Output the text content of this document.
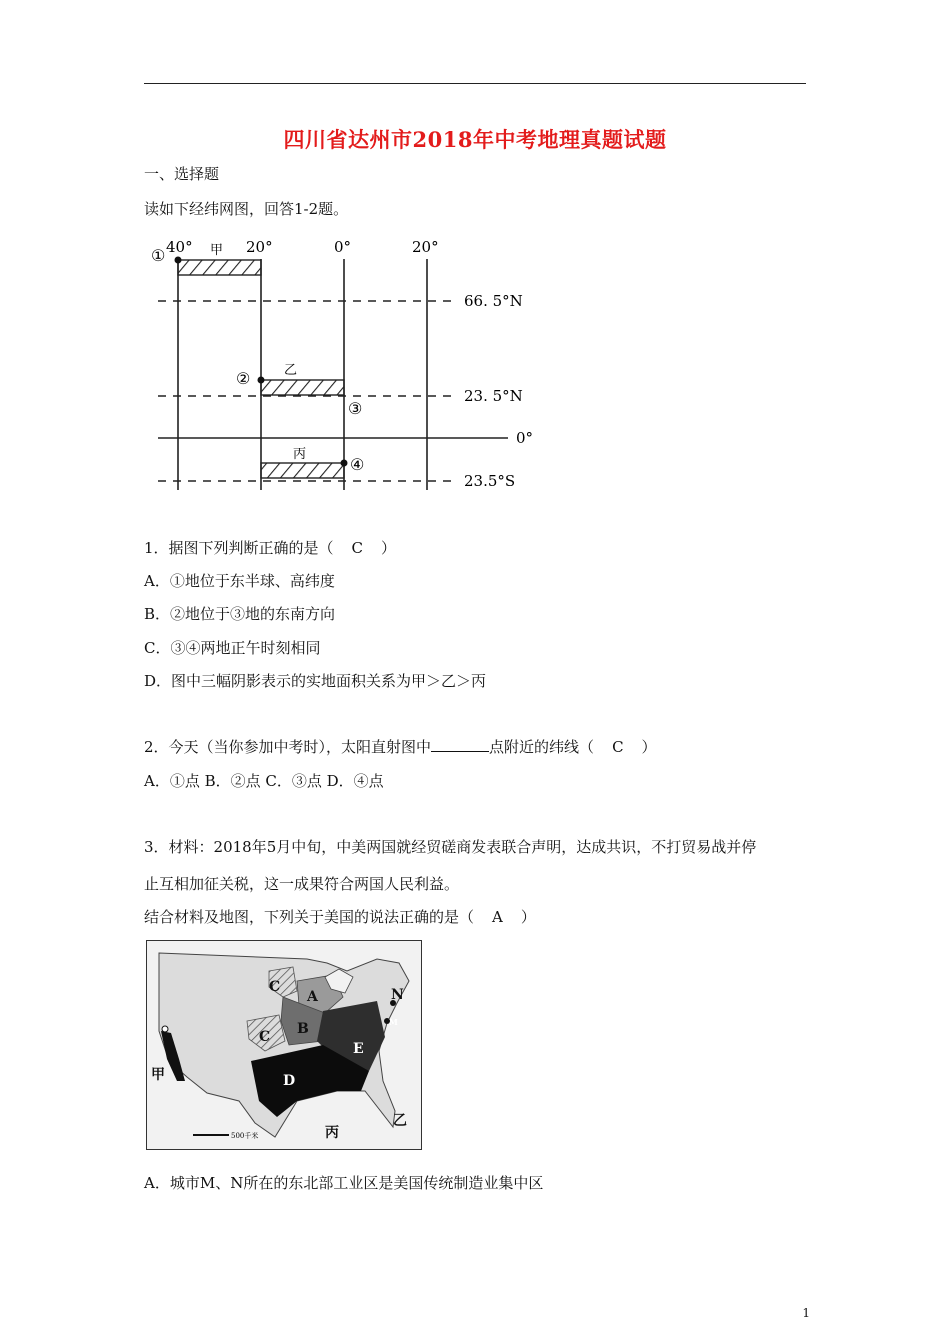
四川省达州市2018年中考地理真题试题
一、选择题
读如下经纬网图，回答1-2题。
40°	20°	0°	20°
66. 5°N
23. 5°N
0°
23.5°S
甲
乙
丙
①
②
③
④
1．据图下列判断正确的是（ C ）
A．①地位于东半球、高纬度
B．②地位于③地的东南方向
C．③④两地正午时刻相同
D．图中三幅阴影表示的实地面积关系为甲＞乙＞丙
2．今天（当你参加中考时），太阳直射图中	点附近的纬线（ C ）
A．①点 B．②点 C．③点 D．④点
3．材料：2018年5月中旬，中美两国就经贸磋商发表联合声明，达成共识，不打贸易战并停
止互相加征关税，这一成果符合两国人民利益。
结合材料及地图，下列关于美国的说法正确的是（ A ）
500千米
C
A	N
M
B
C
E
D
甲
乙
丙
A．城市M、N所在的东北部工业区是美国传统制造业集中区
1
